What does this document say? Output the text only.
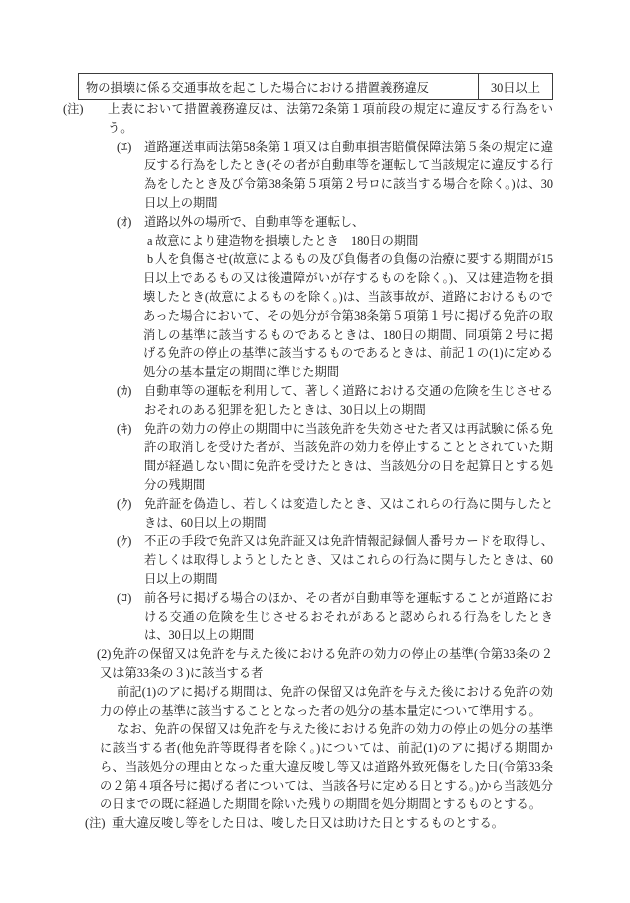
物の損壊に係る交通事故を起こした場合における措置義務違反	30日以上
(注) 上表において措置義務違反は、法第72条第１項前段の規定に違反する行為をいう。
(ｴ) 道路運送車両法第58条第１項又は自動車損害賠償保障法第５条の規定に違反する行為をしたとき(その者が自動車等を運転して当該規定に違反する行為をしたとき及び令第38条第５項第２号ロに該当する場合を除く。)は、30日以上の期間
(ｵ) 道路以外の場所で、自動車等を運転し、
a 故意により建造物を損壊したとき　180日の期間
b 人を負傷させ(故意によるもの及び負傷者の負傷の治療に要する期間が15日以上であるもの又は後遺障がいが存するものを除く。)、又は建造物を損壊したとき(故意によるものを除く。)は、当該事故が、道路におけるものであった場合において、その処分が令第38条第５項第１号に掲げる免許の取消しの基準に該当するものであるときは、180日の期間、同項第２号に掲げる免許の停止の基準に該当するものであるときは、前記１の(1)に定める処分の基本量定の期間に準じた期間
(ｶ) 自動車等の運転を利用して、著しく道路における交通の危険を生じさせるおそれのある犯罪を犯したときは、30日以上の期間
(ｷ) 免許の効力の停止の期間中に当該免許を失効させた者又は再試験に係る免許の取消しを受けた者が、当該免許の効力を停止することとされていた期間が経過しない間に免許を受けたときは、当該処分の日を起算日とする処分の残期間
(ｸ) 免許証を偽造し、若しくは変造したとき、又はこれらの行為に関与したときは、60日以上の期間
(ｹ) 不正の手段で免許又は免許証又は免許情報記録個人番号カードを取得し、若しくは取得しようとしたとき、又はこれらの行為に関与したときは、60日以上の期間
(ｺ) 前各号に掲げる場合のほか、その者が自動車等を運転することが道路における交通の危険を生じさせるおそれがあると認められる行為をしたときは、30日以上の期間
(2) 免許の保留又は免許を与えた後における免許の効力の停止の基準(令第33条の２又は第33条の３)に該当する者
前記(1)のアに掲げる期間は、免許の保留又は免許を与えた後における免許の効力の停止の基準に該当することとなった者の処分の基本量定について準用する。
なお、免許の保留又は免許を与えた後における免許の効力の停止の処分の基準に該当する者(他免許等既得者を除く。)については、前記(1)のアに掲げる期間から、当該処分の理由となった重大違反唆し等又は道路外致死傷をした日(令第33条の２第４項各号に掲げる者については、当該各号に定める日とする。)から当該処分の日までの既に経過した期間を除いた残りの期間を処分期間とするものとする。
(注) 重大違反唆し等をした日は、唆した日又は助けた日とするものとする。
